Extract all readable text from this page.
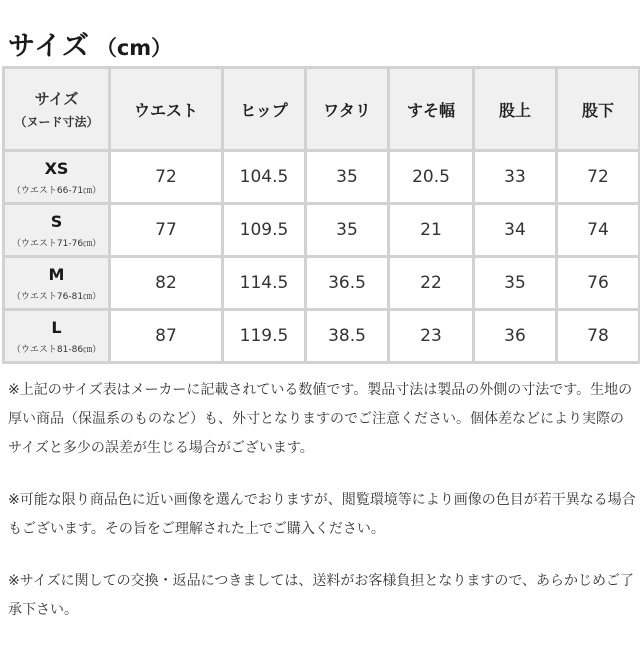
サイズ （cm）
サイズ
（ヌード寸法）	ウエスト	ヒップ	ワタリ	すそ幅	股上	股下

XS
（ウエスト66-71㎝）	72	104.5	35	20.5	33	72

S
（ウエスト71-76㎝）	77	109.5	35	21	34	74

M
（ウエスト76-81㎝）	82	114.5	36.5	22	35	76

L
（ウエスト81-86㎝）	87	119.5	38.5	23	36	78

※上記のサイズ表はメーカーに記載されている数値です。製品寸法は製品の外側の寸法です。生地の厚い商品（保温系のものなど）も、外寸となりますのでご注意ください。個体差などにより実際のサイズと多少の誤差が生じる場合がございます。

※可能な限り商品色に近い画像を選んでおりますが、閲覧環境等により画像の色目が若干異なる場合もございます。その旨をご理解された上でご購入ください。

※サイズに関しての交換・返品につきましては、送料がお客様負担となりますので、あらかじめご了承下さい。
